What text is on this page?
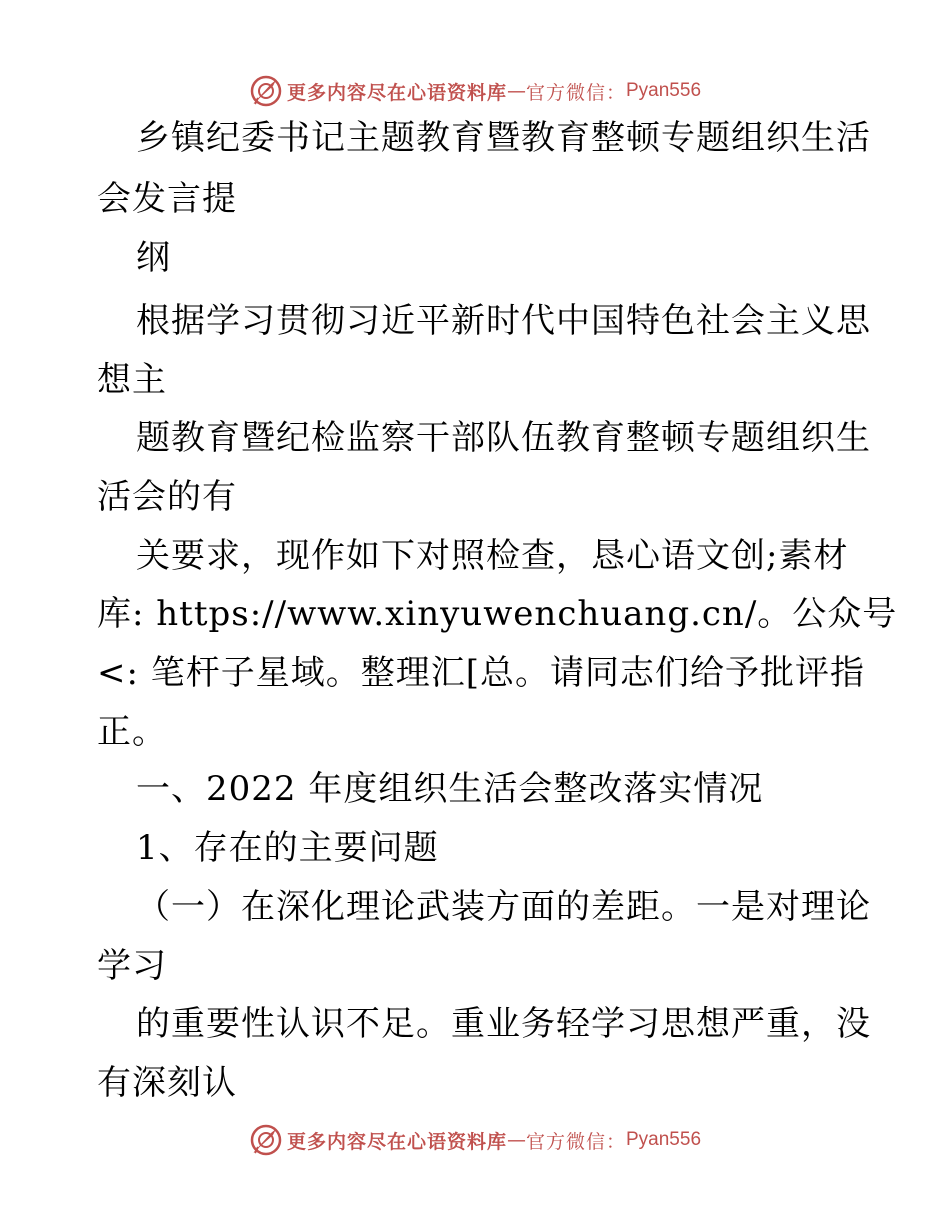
更多内容尽在心语资料库 — 官方微信： Pyan556
乡镇纪委书记主题教育暨教育整顿专题组织生活
会发言提
纲
根据学习贯彻习近平新时代中国特色社会主义思
想主
题教育暨纪检监察干部队伍教育整顿专题组织生
活会的有
关要求，现作如下对照检查，恳心语文创;素材
库: https://www.xinyuwenchuang.cn/。公众号
<: 笔杆子星域。整理汇[总。请同志们给予批评指
正。
一、2022 年度组织生活会整改落实情况
1、存在的主要问题
（一）在深化理论武装方面的差距。一是对理论
学习
的重要性认识不足。重业务轻学习思想严重，没
有深刻认
更多内容尽在心语资料库 — 官方微信： Pyan556
